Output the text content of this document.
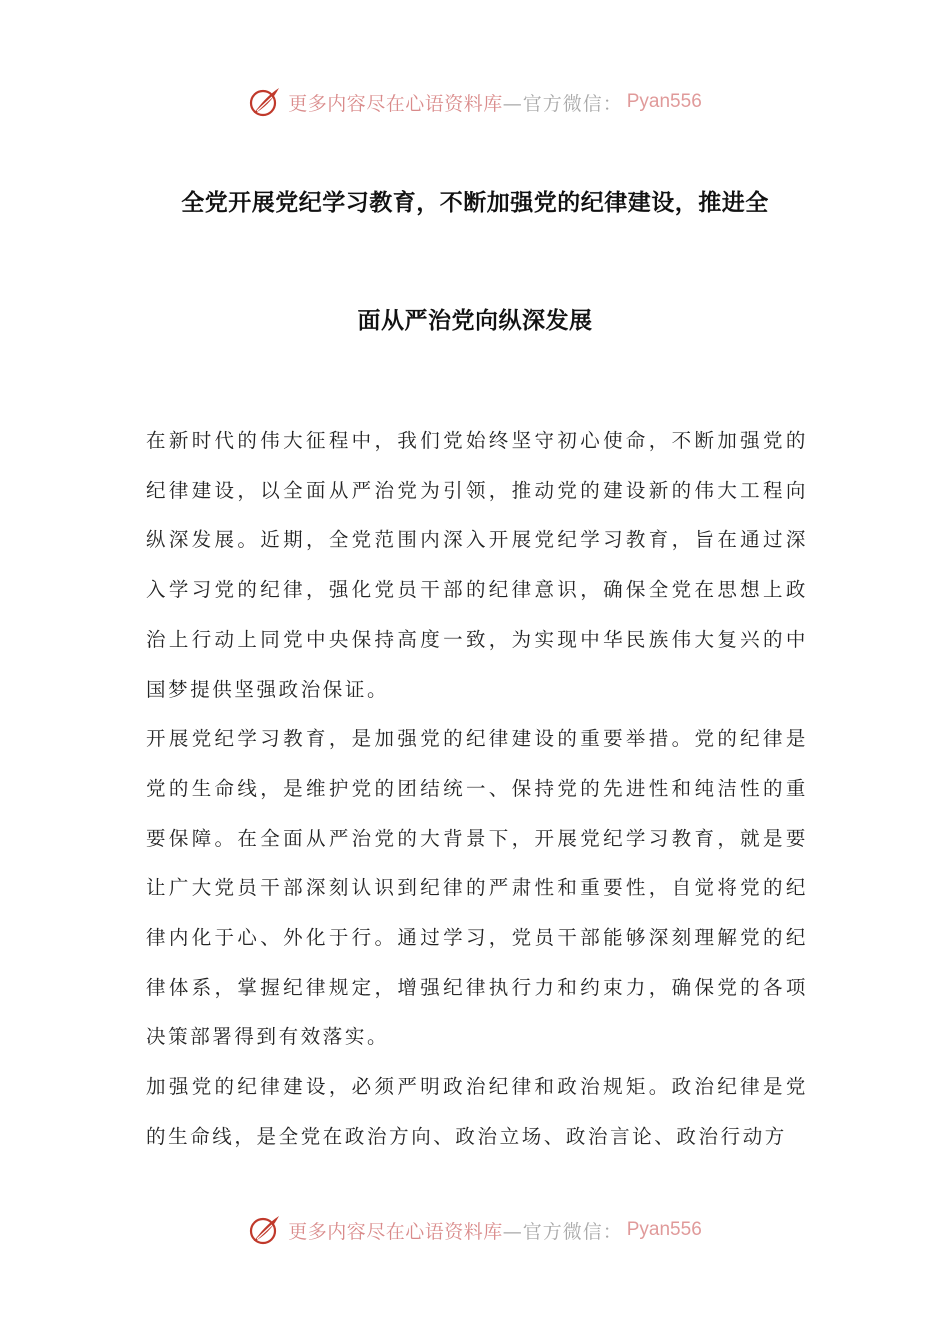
更多内容尽在心语资料库 —官方微信： Pyan556
全党开展党纪学习教育，不断加强党的纪律建设，推进全
面从严治党向纵深发展

在新时代的伟大征程中，我们党始终坚守初心使命，不断加强党的纪律建设，以全面从严治党为引领，推动党的建设新的伟大工程向纵深发展。近期，全党范围内深入开展党纪学习教育，旨在通过深入学习党的纪律，强化党员干部的纪律意识，确保全党在思想上政治上行动上同党中央保持高度一致，为实现中华民族伟大复兴的中国梦提供坚强政治保证。

开展党纪学习教育，是加强党的纪律建设的重要举措。党的纪律是党的生命线，是维护党的团结统一、保持党的先进性和纯洁性的重要保障。在全面从严治党的大背景下，开展党纪学习教育，就是要让广大党员干部深刻认识到纪律的严肃性和重要性，自觉将党的纪律内化于心、外化于行。通过学习，党员干部能够深刻理解党的纪律体系，掌握纪律规定，增强纪律执行力和约束力，确保党的各项决策部署得到有效落实。

加强党的纪律建设，必须严明政治纪律和政治规矩。政治纪律是党的生命线，是全党在政治方向、政治立场、政治言论、政治行动方

更多内容尽在心语资料库 —官方微信： Pyan556
